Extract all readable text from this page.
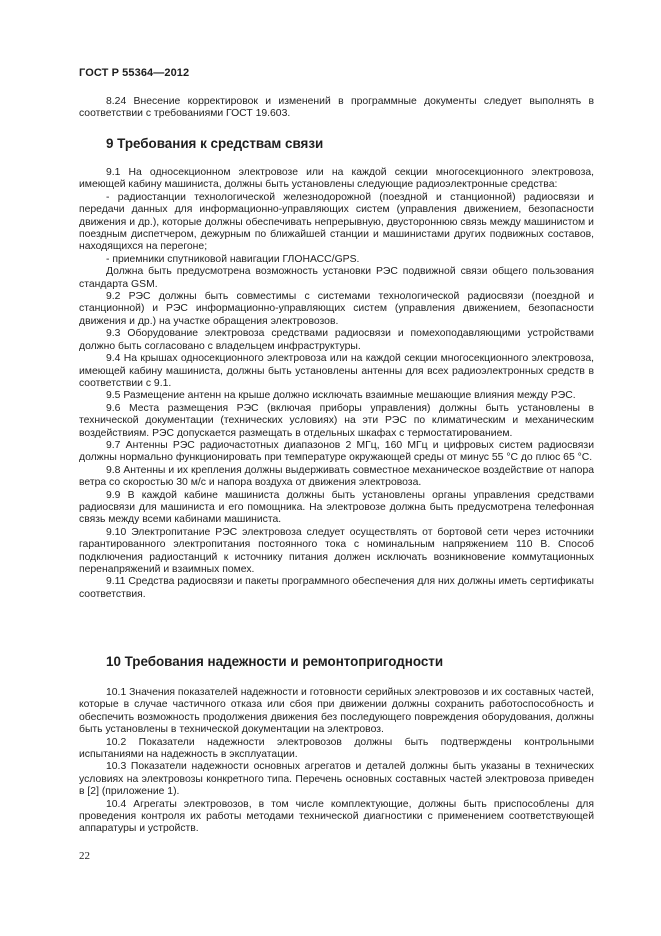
ГОСТ Р 55364—2012

8.24 Внесение корректировок и изменений в программные документы следует выполнять в соответствии с требованиями ГОСТ 19.603.

9 Требования к средствам связи

9.1 На односекционном электровозе или на каждой секции многосекционного электровоза, имеющей кабину машиниста, должны быть установлены следующие радиоэлектронные средства:

- радиостанции технологической железнодорожной (поездной и станционной) радиосвязи и передачи данных для информационно-управляющих систем (управления движением, безопасности движения и др.), которые должны обеспечивать непрерывную, двустороннюю связь между машинистом и поездным диспетчером, дежурным по ближайшей станции и машинистами других подвижных составов, находящихся на перегоне;

- приемники спутниковой навигации ГЛОНАСС/GPS.

Должна быть предусмотрена возможность установки РЭС подвижной связи общего пользования стандарта GSM.

9.2 РЭС должны быть совместимы с системами технологической радиосвязи (поездной и станционной) и РЭС информационно-управляющих систем (управления движением, безопасности движения и др.) на участке обращения электровозов.

9.3 Оборудование электровоза средствами радиосвязи и помехоподавляющими устройствами должно быть согласовано с владельцем инфраструктуры.

9.4 На крышах односекционного электровоза или на каждой секции многосекционного электровоза, имеющей кабину машиниста, должны быть установлены антенны для всех радиоэлектронных средств в соответствии с 9.1.

9.5 Размещение антенн на крыше должно исключать взаимные мешающие влияния между РЭС.

9.6 Места размещения РЭС (включая приборы управления) должны быть установлены в технической документации (технических условиях) на эти РЭС по климатическим и механическим воздействиям. РЭС допускается размещать в отдельных шкафах с термостатированием.

9.7 Антенны РЭС радиочастотных диапазонов 2 МГц, 160 МГц и цифровых систем радиосвязи должны нормально функционировать при температуре окружающей среды от минус 55 °С до плюс 65 °С.

9.8 Антенны и их крепления должны выдерживать совместное механическое воздействие от напора ветра со скоростью 30 м/с и напора воздуха от движения электровоза.

9.9 В каждой кабине машиниста должны быть установлены органы управления средствами радиосвязи для машиниста и его помощника. На электровозе должна быть предусмотрена телефонная связь между всеми кабинами машиниста.

9.10 Электропитание РЭС электровоза следует осуществлять от бортовой сети через источники гарантированного электропитания постоянного тока с номинальным напряжением 110 В. Способ подключения радиостанций к источнику питания должен исключать возникновение коммутационных перенапряжений и взаимных помех.

9.11 Средства радиосвязи и пакеты программного обеспечения для них должны иметь сертификаты соответствия.

10 Требования надежности и ремонтопригодности

10.1 Значения показателей надежности и готовности серийных электровозов и их составных частей, которые в случае частичного отказа или сбоя при движении должны сохранить работоспособность и обеспечить возможность продолжения движения без последующего повреждения оборудования, должны быть установлены в технической документации на электровоз.

10.2 Показатели надежности электровозов должны быть подтверждены контрольными испытаниями на надежность в эксплуатации.

10.3 Показатели надежности основных агрегатов и деталей должны быть указаны в технических условиях на электровозы конкретного типа. Перечень основных составных частей электровоза приведен в [2] (приложение 1).

10.4 Агрегаты электровозов, в том числе комплектующие, должны быть приспособлены для проведения контроля их работы методами технической диагностики с применением соответствующей аппаратуры и устройств.

22
